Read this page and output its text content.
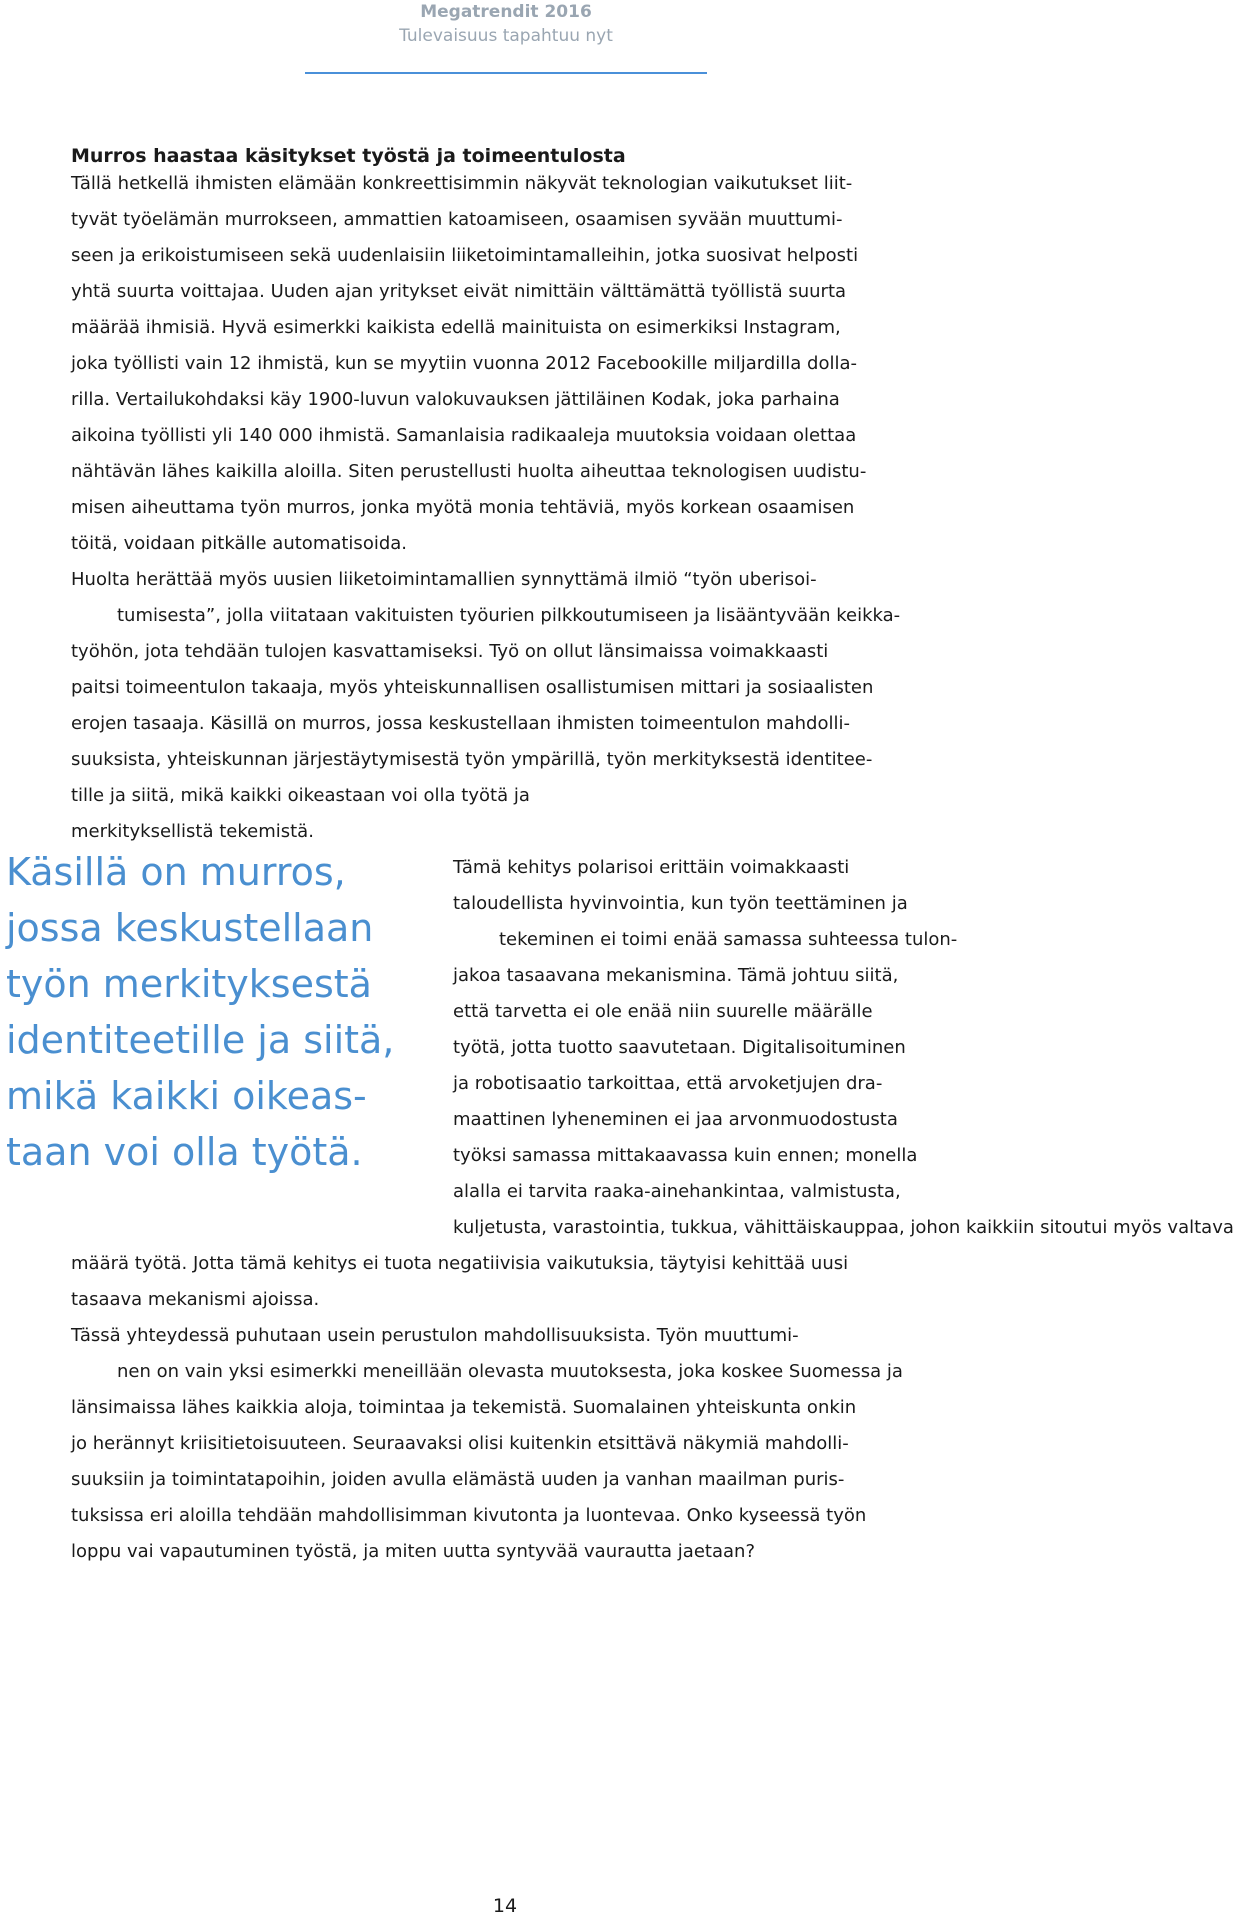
Megatrendit 2016
Tulevaisuus tapahtuu nyt
Murros haastaa käsitykset työstä ja toimeentulosta
Tällä hetkellä ihmisten elämään konkreettisimmin näkyvät teknologian vaikutukset liit-
tyvät työelämän murrokseen, ammattien katoamiseen, osaamisen syvään muuttumi-
seen ja erikoistumiseen sekä uudenlaisiin liiketoimintamalleihin, jotka suosivat helposti
yhtä suurta voittajaa. Uuden ajan yritykset eivät nimittäin välttämättä työllistä suurta
määrää ihmisiä. Hyvä esimerkki kaikista edellä mainituista on esimerkiksi Instagram,
joka työllisti vain 12 ihmistä, kun se myytiin vuonna 2012 Facebookille miljardilla dolla-
rilla. Vertailukohdaksi käy 1900-luvun valokuvauksen jättiläinen Kodak, joka parhaina
aikoina työllisti yli 140 000 ihmistä. Samanlaisia radikaaleja muutoksia voidaan olettaa
nähtävän lähes kaikilla aloilla. Siten perustellusti huolta aiheuttaa teknologisen uudistu-
misen aiheuttama työn murros, jonka myötä monia tehtäviä, myös korkean osaamisen
töitä, voidaan pitkälle automatisoida.
Huolta herättää myös uusien liiketoimintamallien synnyttämä ilmiö “työn uberisoi-
tumisesta”, jolla viitataan vakituisten työurien pilkkoutumiseen ja lisääntyvään keikka-
työhön, jota tehdään tulojen kasvattamiseksi. Työ on ollut länsimaissa voimakkaasti
paitsi toimeentulon takaaja, myös yhteiskunnallisen osallistumisen mittari ja sosiaalisten
erojen tasaaja. Käsillä on murros, jossa keskustellaan ihmisten toimeentulon mahdolli-
suuksista, yhteiskunnan järjestäytymisestä työn ympärillä, työn merkityksestä identitee-
tille ja siitä, mikä kaikki oikeastaan voi olla työtä ja
merkityksellistä tekemistä.
Tämä kehitys polarisoi erittäin voimakkaasti
taloudellista hyvinvointia, kun työn teettäminen ja
tekeminen ei toimi enää samassa suhteessa tulon-
jakoa tasaavana mekanismina. Tämä johtuu siitä,
että tarvetta ei ole enää niin suurelle määrälle
työtä, jotta tuotto saavutetaan. Digitalisoituminen
ja robotisaatio tarkoittaa, että arvoketjujen dra-
maattinen lyheneminen ei jaa arvonmuodostusta
työksi samassa mittakaavassa kuin ennen; monella
alalla ei tarvita raaka-ainehankintaa, valmistusta,
kuljetusta, varastointia, tukkua, vähittäiskauppaa, johon kaikkiin sitoutui myös valtava
määrä työtä. Jotta tämä kehitys ei tuota negatiivisia vaikutuksia, täytyisi kehittää uusi
tasaava mekanismi ajoissa.
Tässä yhteydessä puhutaan usein perustulon mahdollisuuksista. Työn muuttumi-
nen on vain yksi esimerkki meneillään olevasta muutoksesta, joka koskee Suomessa ja
länsimaissa lähes kaikkia aloja, toimintaa ja tekemistä. Suomalainen yhteiskunta onkin
jo herännyt kriisitietoisuuteen. Seuraavaksi olisi kuitenkin etsittävä näkymiä mahdolli-
suuksiin ja toimintatapoihin, joiden avulla elämästä uuden ja vanhan maailman puris-
tuksissa eri aloilla tehdään mahdollisimman kivutonta ja luontevaa. Onko kyseessä työn
loppu vai vapautuminen työstä, ja miten uutta syntyvää vaurautta jaetaan?
Käsillä on murros,
jossa keskustellaan
työn merkityksestä
identiteetille ja siitä,
mikä kaikki oikeas-
taan voi olla työtä.
14
